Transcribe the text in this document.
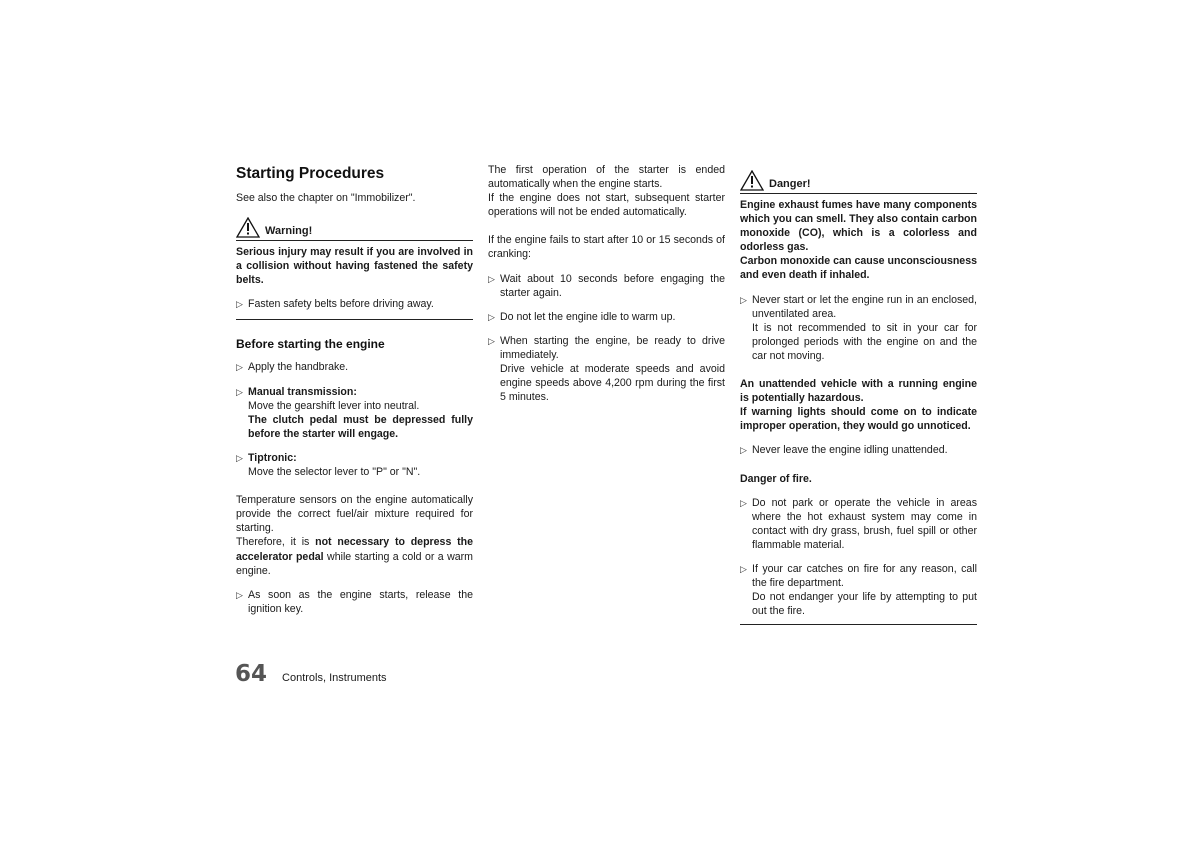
Starting Procedures

See also the chapter on "Immobilizer".

Warning!

Serious injury may result if you are involved in a collision without having fastened the safety belts.

▷ Fasten safety belts before driving away.
Before starting the engine
▷ Apply the handbrake.
▷ Manual transmission:

Move the gearshift lever into neutral.

The clutch pedal must be depressed fully before the starter will engage.

▷ Tiptronic:

Move the selector lever to "P" or "N".

Temperature sensors on the engine automatically provide the correct fuel/air mixture required for starting.

Therefore, it is not necessary to depress the accelerator pedal while starting a cold or a warm engine.

▷ As soon as the engine starts, release the ignition key.

The first operation of the starter is ended automatically when the engine starts.

If the engine does not start, subsequent starter operations will not be ended automatically.

If the engine fails to start after 10 or 15 seconds of cranking:

▷ Wait about 10 seconds before engaging the starter again.
▷ Do not let the engine idle to warm up.
▷ When starting the engine, be ready to drive immediately.

Drive vehicle at moderate speeds and avoid engine speeds above 4,200 rpm during the first 5 minutes.

Danger!

Engine exhaust fumes have many components which you can smell. They also contain carbon monoxide (CO), which is a colorless and odorless gas.

Carbon monoxide can cause unconsciousness and even death if inhaled.

▷ Never start or let the engine run in an enclosed, unventilated area.

It is not recommended to sit in your car for prolonged periods with the engine on and the car not moving.

An unattended vehicle with a running engine is potentially hazardous.

If warning lights should come on to indicate improper operation, they would go unnoticed.

▷ Never leave the engine idling unattended.

Danger of fire.

▷ Do not park or operate the vehicle in areas where the hot exhaust system may come in contact with dry grass, brush, fuel spill or other flammable material.
▷ If your car catches on fire for any reason, call the fire department.

Do not endanger your life by attempting to put out the fire.

64 Controls, Instruments
